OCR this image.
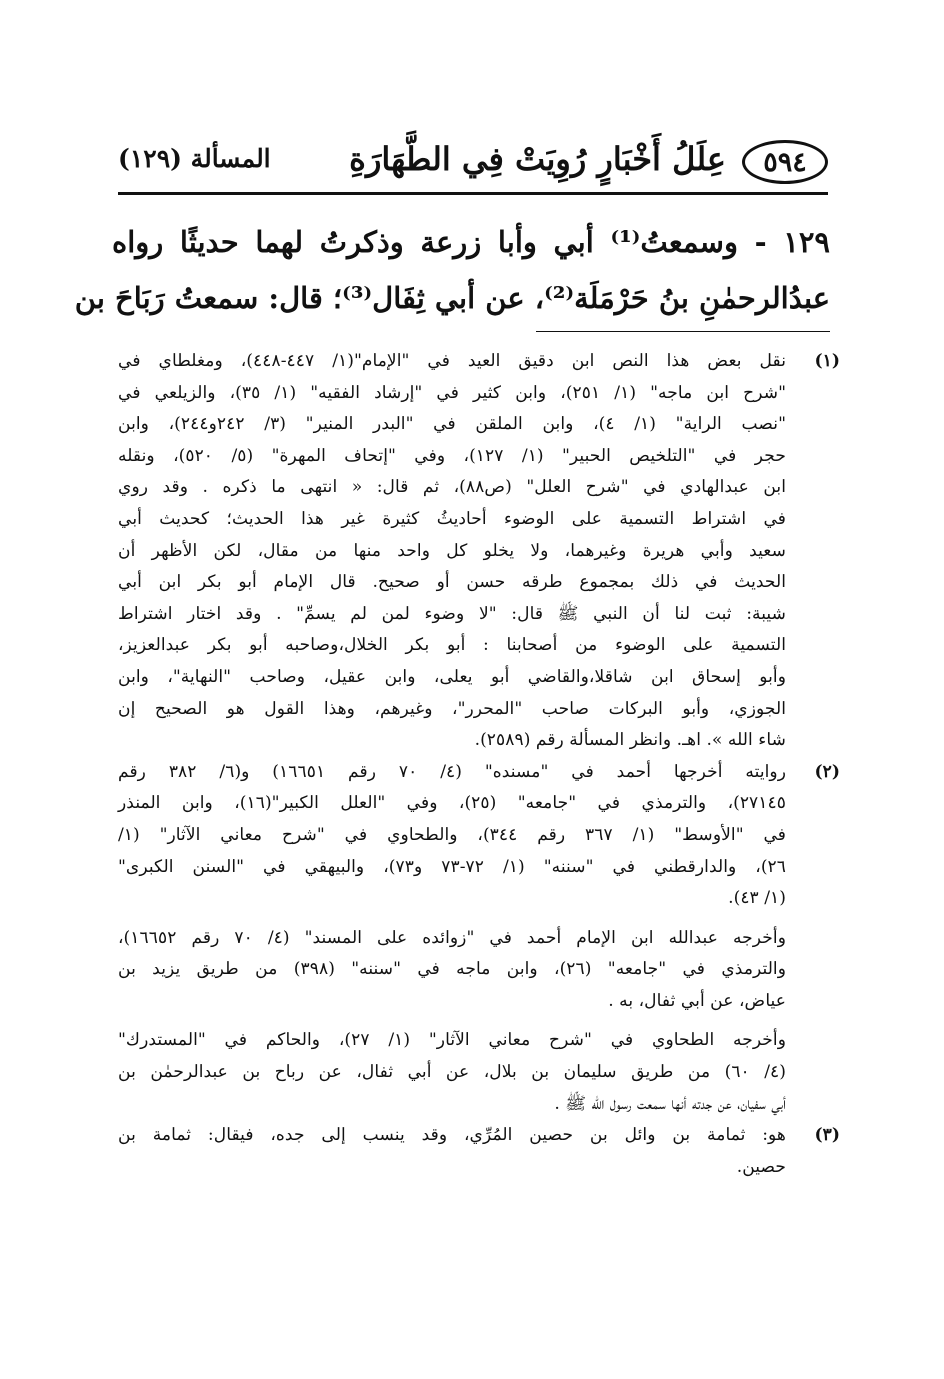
٥٩٤
عِلَلُ أَخْبَارٍ رُوِيَتْ فِي الطَّهَارَةِ
المسألة (١٢٩)
١٢٩ - وسمعتُ⁽¹⁾ أبي وأبا زرعة وذكرتُ لهما حديثًا رواه
عبدُالرحمٰنِ بنُ حَرْمَلَة⁽²⁾، عن أبي ثِفَال⁽³⁾؛ قال: سمعتُ رَبَاحَ بن
(١)
نقل بعض هذا النص ابن دقيق العيد في "الإمام"(١/ ٤٤٧-٤٤٨)، ومغلطاي في
"شرح ابن ماجه" (١/ ٢٥١)، وابن كثير في "إرشاد الفقيه" (١/ ٣٥)، والزيلعي في
"نصب الراية" (١/ ٤)، وابن الملقن في "البدر المنير" (٣/ ٢٤٢و٢٤٤)، وابن
حجر في "التلخيص الحبير" (١/ ١٢٧)، وفي "إتحاف المهرة" (٥/ ٥٢٠)، ونقله
ابن عبدالهادي في "شرح العلل" (ص٨٨)، ثم قال: « انتهى ما ذكره . وقد روي
في اشتراط التسمية على الوضوء أحاديثُ كثيرة غير هذا الحديث؛ كحديث أبي
سعيد وأبي هريرة وغيرهما، ولا يخلو كل واحد منها من مقال، لكن الأظهر أن
الحديث في ذلك بمجموع طرقه حسن أو صحيح. قال الإمام أبو بكر ابن أبي
شيبة: ثبت لنا أن النبي ﷺ قال: "لا وضوء لمن لم يسمِّ" . وقد اختار اشتراط
التسمية على الوضوء من أصحابنا : أبو بكر الخلال،وصاحبه أبو بكر عبدالعزيز،
وأبو إسحاق ابن شاقلا،والقاضي أبو يعلى، وابن عقيل، وصاحب "النهاية"، وابن
الجوزي، وأبو البركات صاحب "المحرر"، وغيرهم، وهذا القول هو الصحيح إن
شاء الله ». اهـ. وانظر المسألة رقم (٢٥٨٩).
(٢)
روايته أخرجها أحمد في "مسنده" (٤/ ٧٠ رقم ١٦٦٥١) و(٦/ ٣٨٢ رقم
٢٧١٤٥)، والترمذي في "جامعه" (٢٥)، وفي "العلل الكبير"(١٦)، وابن المنذر
في "الأوسط" (١/ ٣٦٧ رقم ٣٤٤)، والطحاوي في "شرح معاني الآثار" (١/
٢٦)، والدارقطني في "سننه" (١/ ٧٢-٧٣ و٧٣)، والبيهقي في "السنن الكبرى"
(١/ ٤٣).
وأخرجه عبدالله ابن الإمام أحمد في "زوائده على المسند" (٤/ ٧٠ رقم ١٦٦٥٢)،
والترمذي في "جامعه" (٢٦)، وابن ماجه في "سننه" (٣٩٨) من طريق يزيد بن
عياض، عن أبي ثفال، به .
وأخرجه الطحاوي في "شرح معاني الآثار" (١/ ٢٧)، والحاكم في "المستدرك"
(٤/ ٦٠) من طريق سليمان بن بلال، عن أبي ثفال، عن رباح بن عبدالرحمٰن بن
أبي سفيان، عن جدته أنها سمعت رسول الله ﷺ .
(٣)
هو: ثمامة بن وائل بن حصين المُرِّي، وقد ينسب إلى جده، فيقال: ثمامة بن
حصين.
